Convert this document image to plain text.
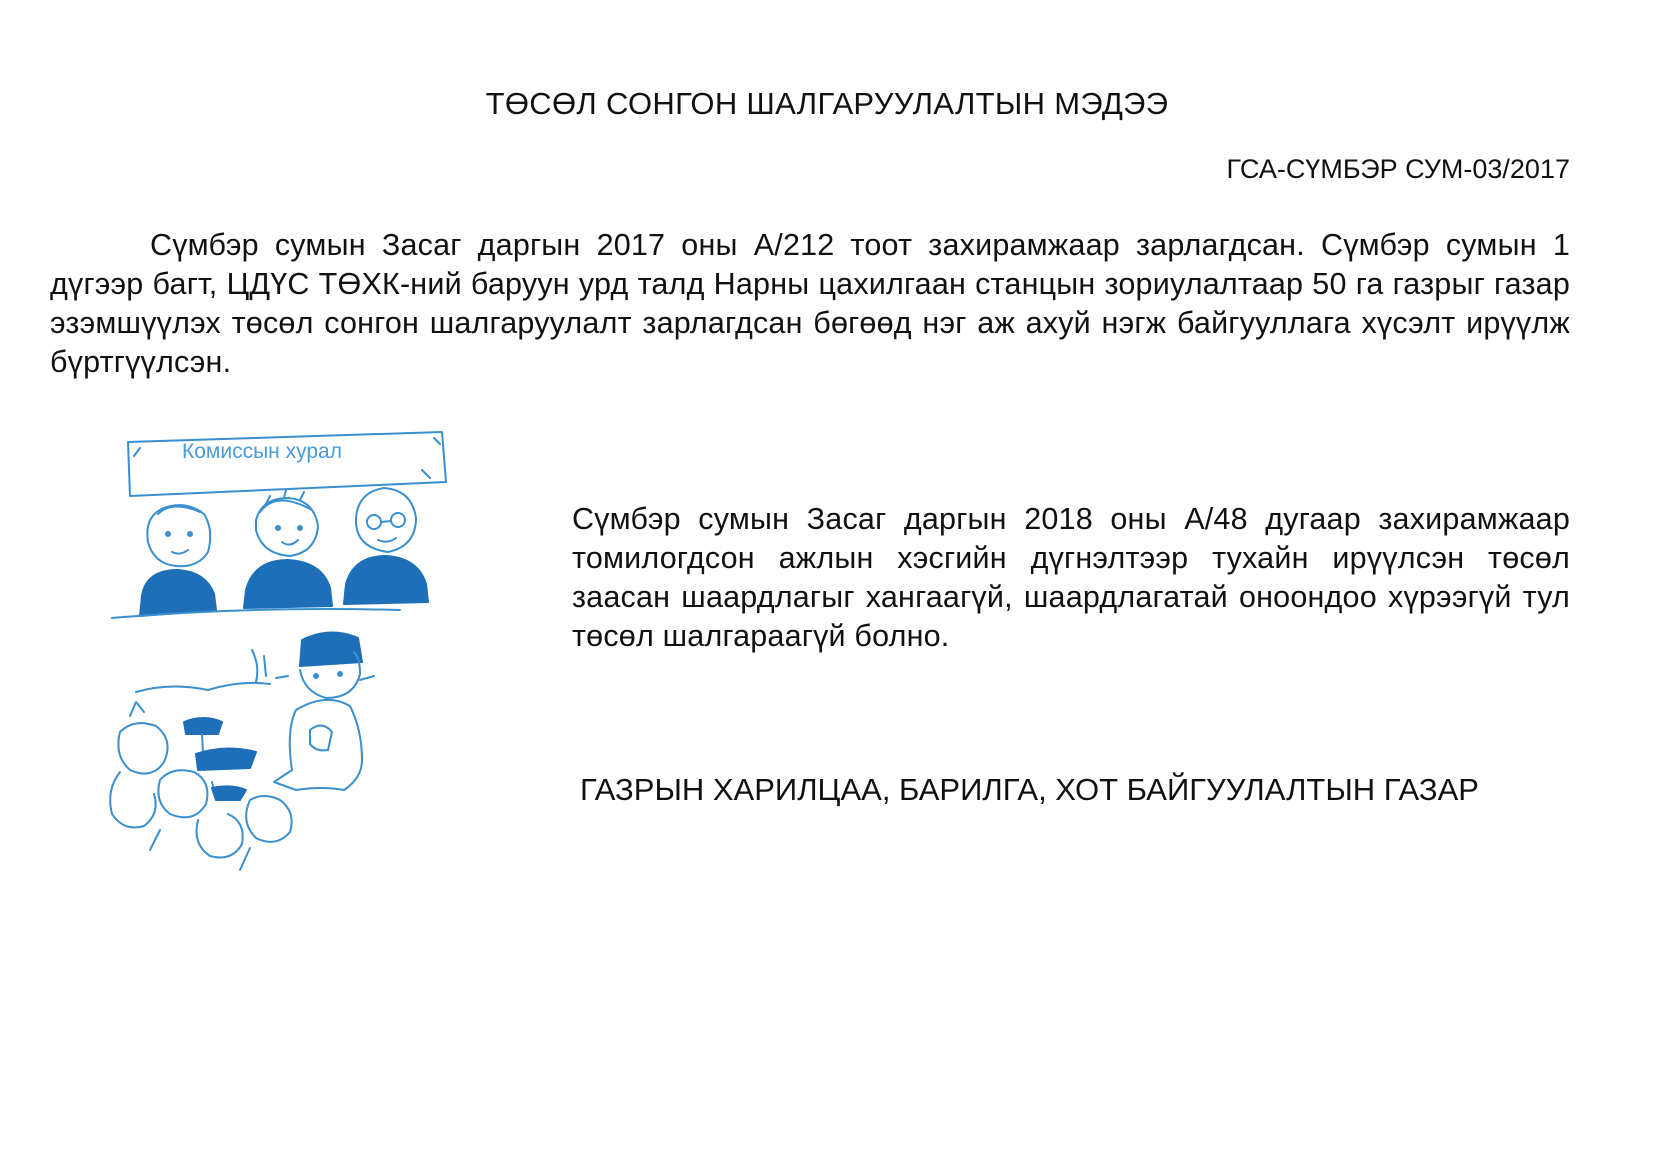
ТӨСӨЛ СОНГОН ШАЛГАРУУЛАЛТЫН МЭДЭЭ
ГСА-СҮМБЭР СУМ-03/2017
Сүмбэр сумын Засаг даргын 2017 оны А/212 тоот захирамжаар зарлагдсан. Сүмбэр сумын 1 дүгээр багт, ЦДҮС ТӨХК-ний баруун урд талд Нарны цахилгаан станцын зориулалтаар 50 га газрыг газар эзэмшүүлэх төсөл сонгон шалгаруулалт зарлагдсан бөгөөд нэг аж ахуй нэгж байгууллага хүсэлт ирүүлж бүртгүүлсэн.
Комиссын хурал
Сүмбэр сумын Засаг даргын 2018 оны А/48 дугаар захирамжаар томилогдсон ажлын хэсгийн дүгнэлтээр тухайн ирүүлсэн төсөл заасан шаардлагыг хангаагүй, шаардлагатай оноондоо хүрээгүй тул төсөл шалгараагүй болно.
ГАЗРЫН ХАРИЛЦАА, БАРИЛГА, ХОТ БАЙГУУЛАЛТЫН ГАЗАР
